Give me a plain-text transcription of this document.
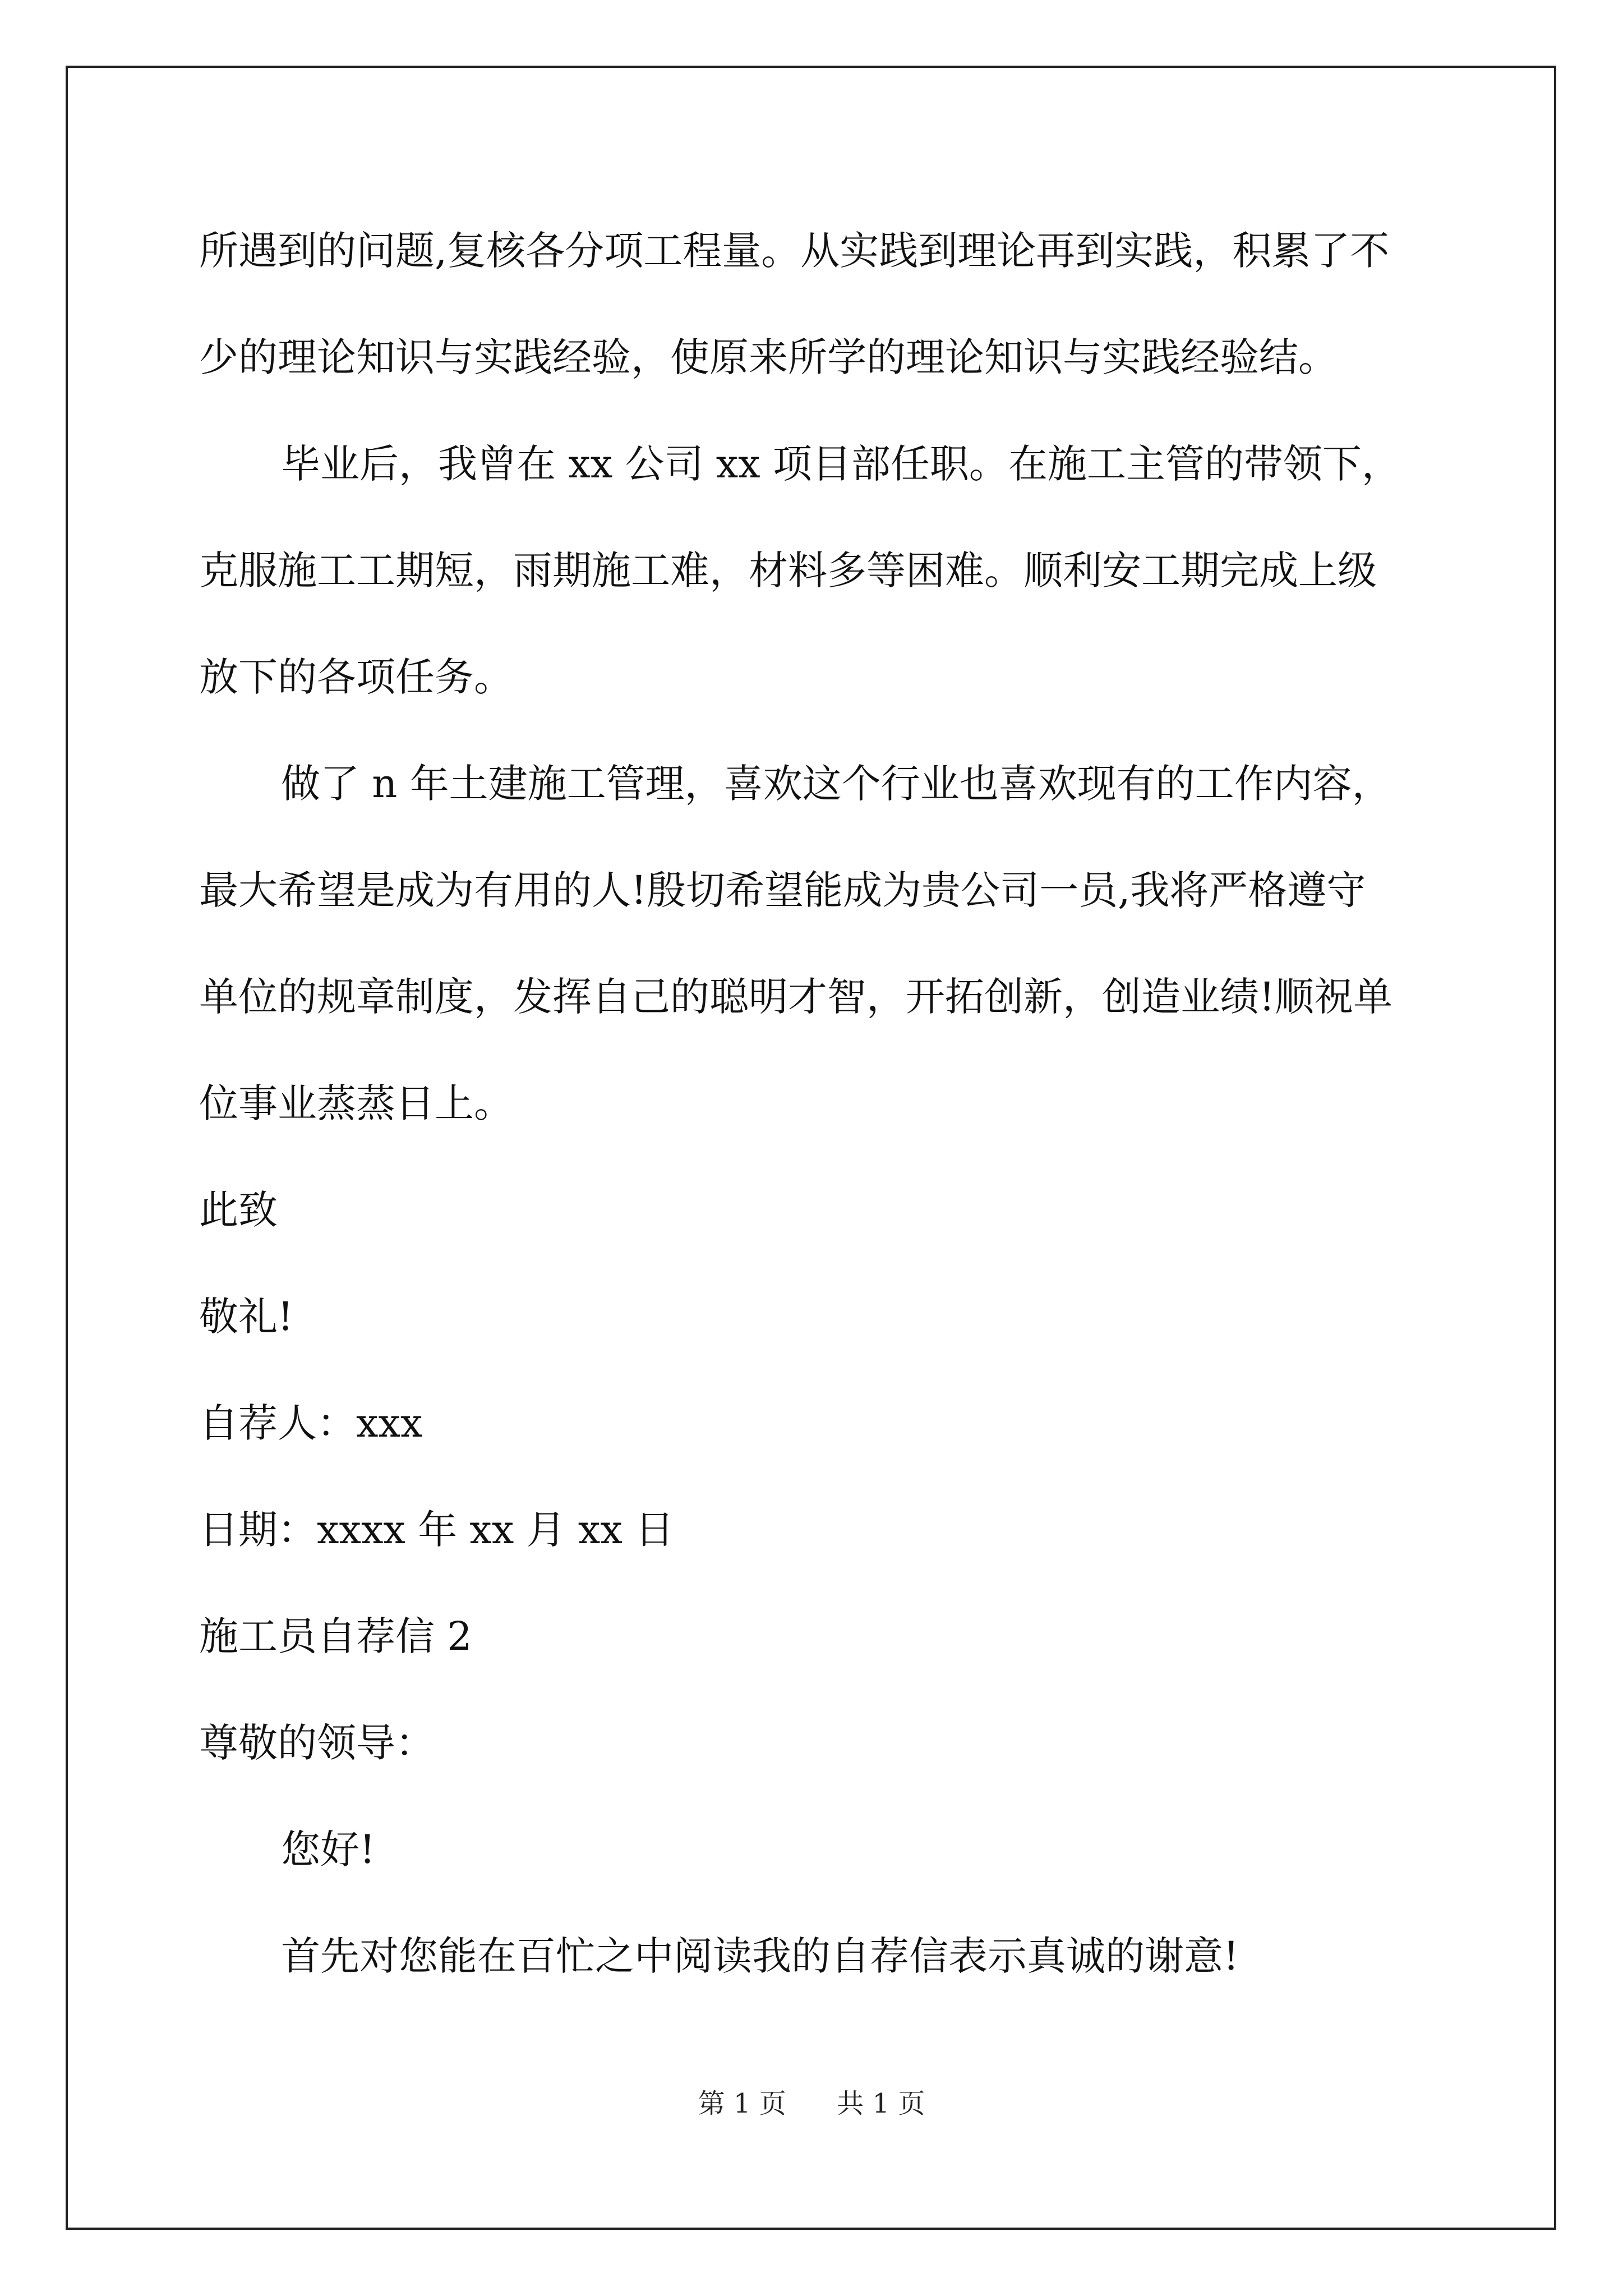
所遇到的问题,复核各分项工程量。从实践到理论再到实践，积累了不
少的理论知识与实践经验，使原来所学的理论知识与实践经验结。
毕业后，我曾在 xx 公司 xx 项目部任职。在施工主管的带领下，
克服施工工期短，雨期施工难，材料多等困难。顺利安工期完成上级
放下的各项任务。
做了 n 年土建施工管理，喜欢这个行业也喜欢现有的工作内容，
最大希望是成为有用的人!殷切希望能成为贵公司一员,我将严格遵守
单位的规章制度，发挥自己的聪明才智，开拓创新，创造业绩!顺祝单
位事业蒸蒸日上。
此致
敬礼!
自荐人：xxx
日期：xxxx 年 xx 月 xx 日
施工员自荐信 2
尊敬的领导：
您好!
首先对您能在百忙之中阅读我的自荐信表示真诚的谢意!
第 1 页 共 1 页
